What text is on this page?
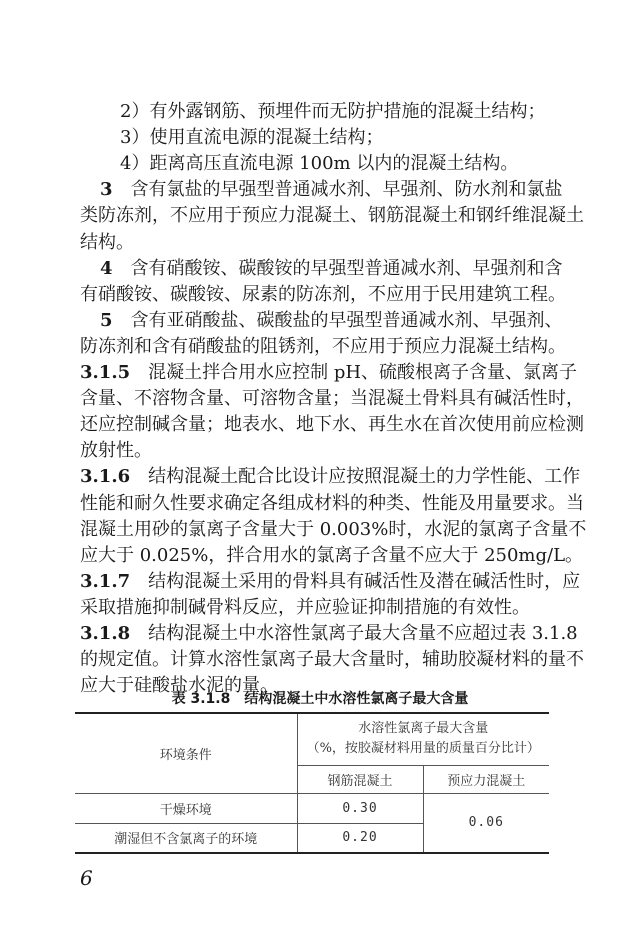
2）有外露钢筋、预埋件而无防护措施的混凝土结构；
3）使用直流电源的混凝土结构；
4）距离高压直流电源 100m 以内的混凝土结构。
3　含有氯盐的早强型普通减水剂、早强剂、防水剂和氯盐
类防冻剂，不应用于预应力混凝土、钢筋混凝土和钢纤维混凝土
结构。
4　含有硝酸铵、碳酸铵的早强型普通减水剂、早强剂和含
有硝酸铵、碳酸铵、尿素的防冻剂，不应用于民用建筑工程。
5　含有亚硝酸盐、碳酸盐的早强型普通减水剂、早强剂、
防冻剂和含有硝酸盐的阻锈剂，不应用于预应力混凝土结构。
3.1.5　混凝土拌合用水应控制 pH、硫酸根离子含量、氯离子
含量、不溶物含量、可溶物含量；当混凝土骨料具有碱活性时，
还应控制碱含量；地表水、地下水、再生水在首次使用前应检测
放射性。
3.1.6　结构混凝土配合比设计应按照混凝土的力学性能、工作
性能和耐久性要求确定各组成材料的种类、性能及用量要求。当
混凝土用砂的氯离子含量大于 0.003%时，水泥的氯离子含量不
应大于 0.025%，拌合用水的氯离子含量不应大于 250mg/L。
3.1.7　结构混凝土采用的骨料具有碱活性及潜在碱活性时，应
采取措施抑制碱骨料反应，并应验证抑制措施的有效性。
3.1.8　结构混凝土中水溶性氯离子最大含量不应超过表 3.1.8
的规定值。计算水溶性氯离子最大含量时，辅助胶凝材料的量不
应大于硅酸盐水泥的量。
表 3.1.8　结构混凝土中水溶性氯离子最大含量
环境条件	水溶性氯离子最大含量
（%，按胶凝材料用量的质量百分比计）	

	钢筋混凝土	预应力混凝土
干燥环境	0.30	0.06
潮湿但不含氯离子的环境	0.20	
6
